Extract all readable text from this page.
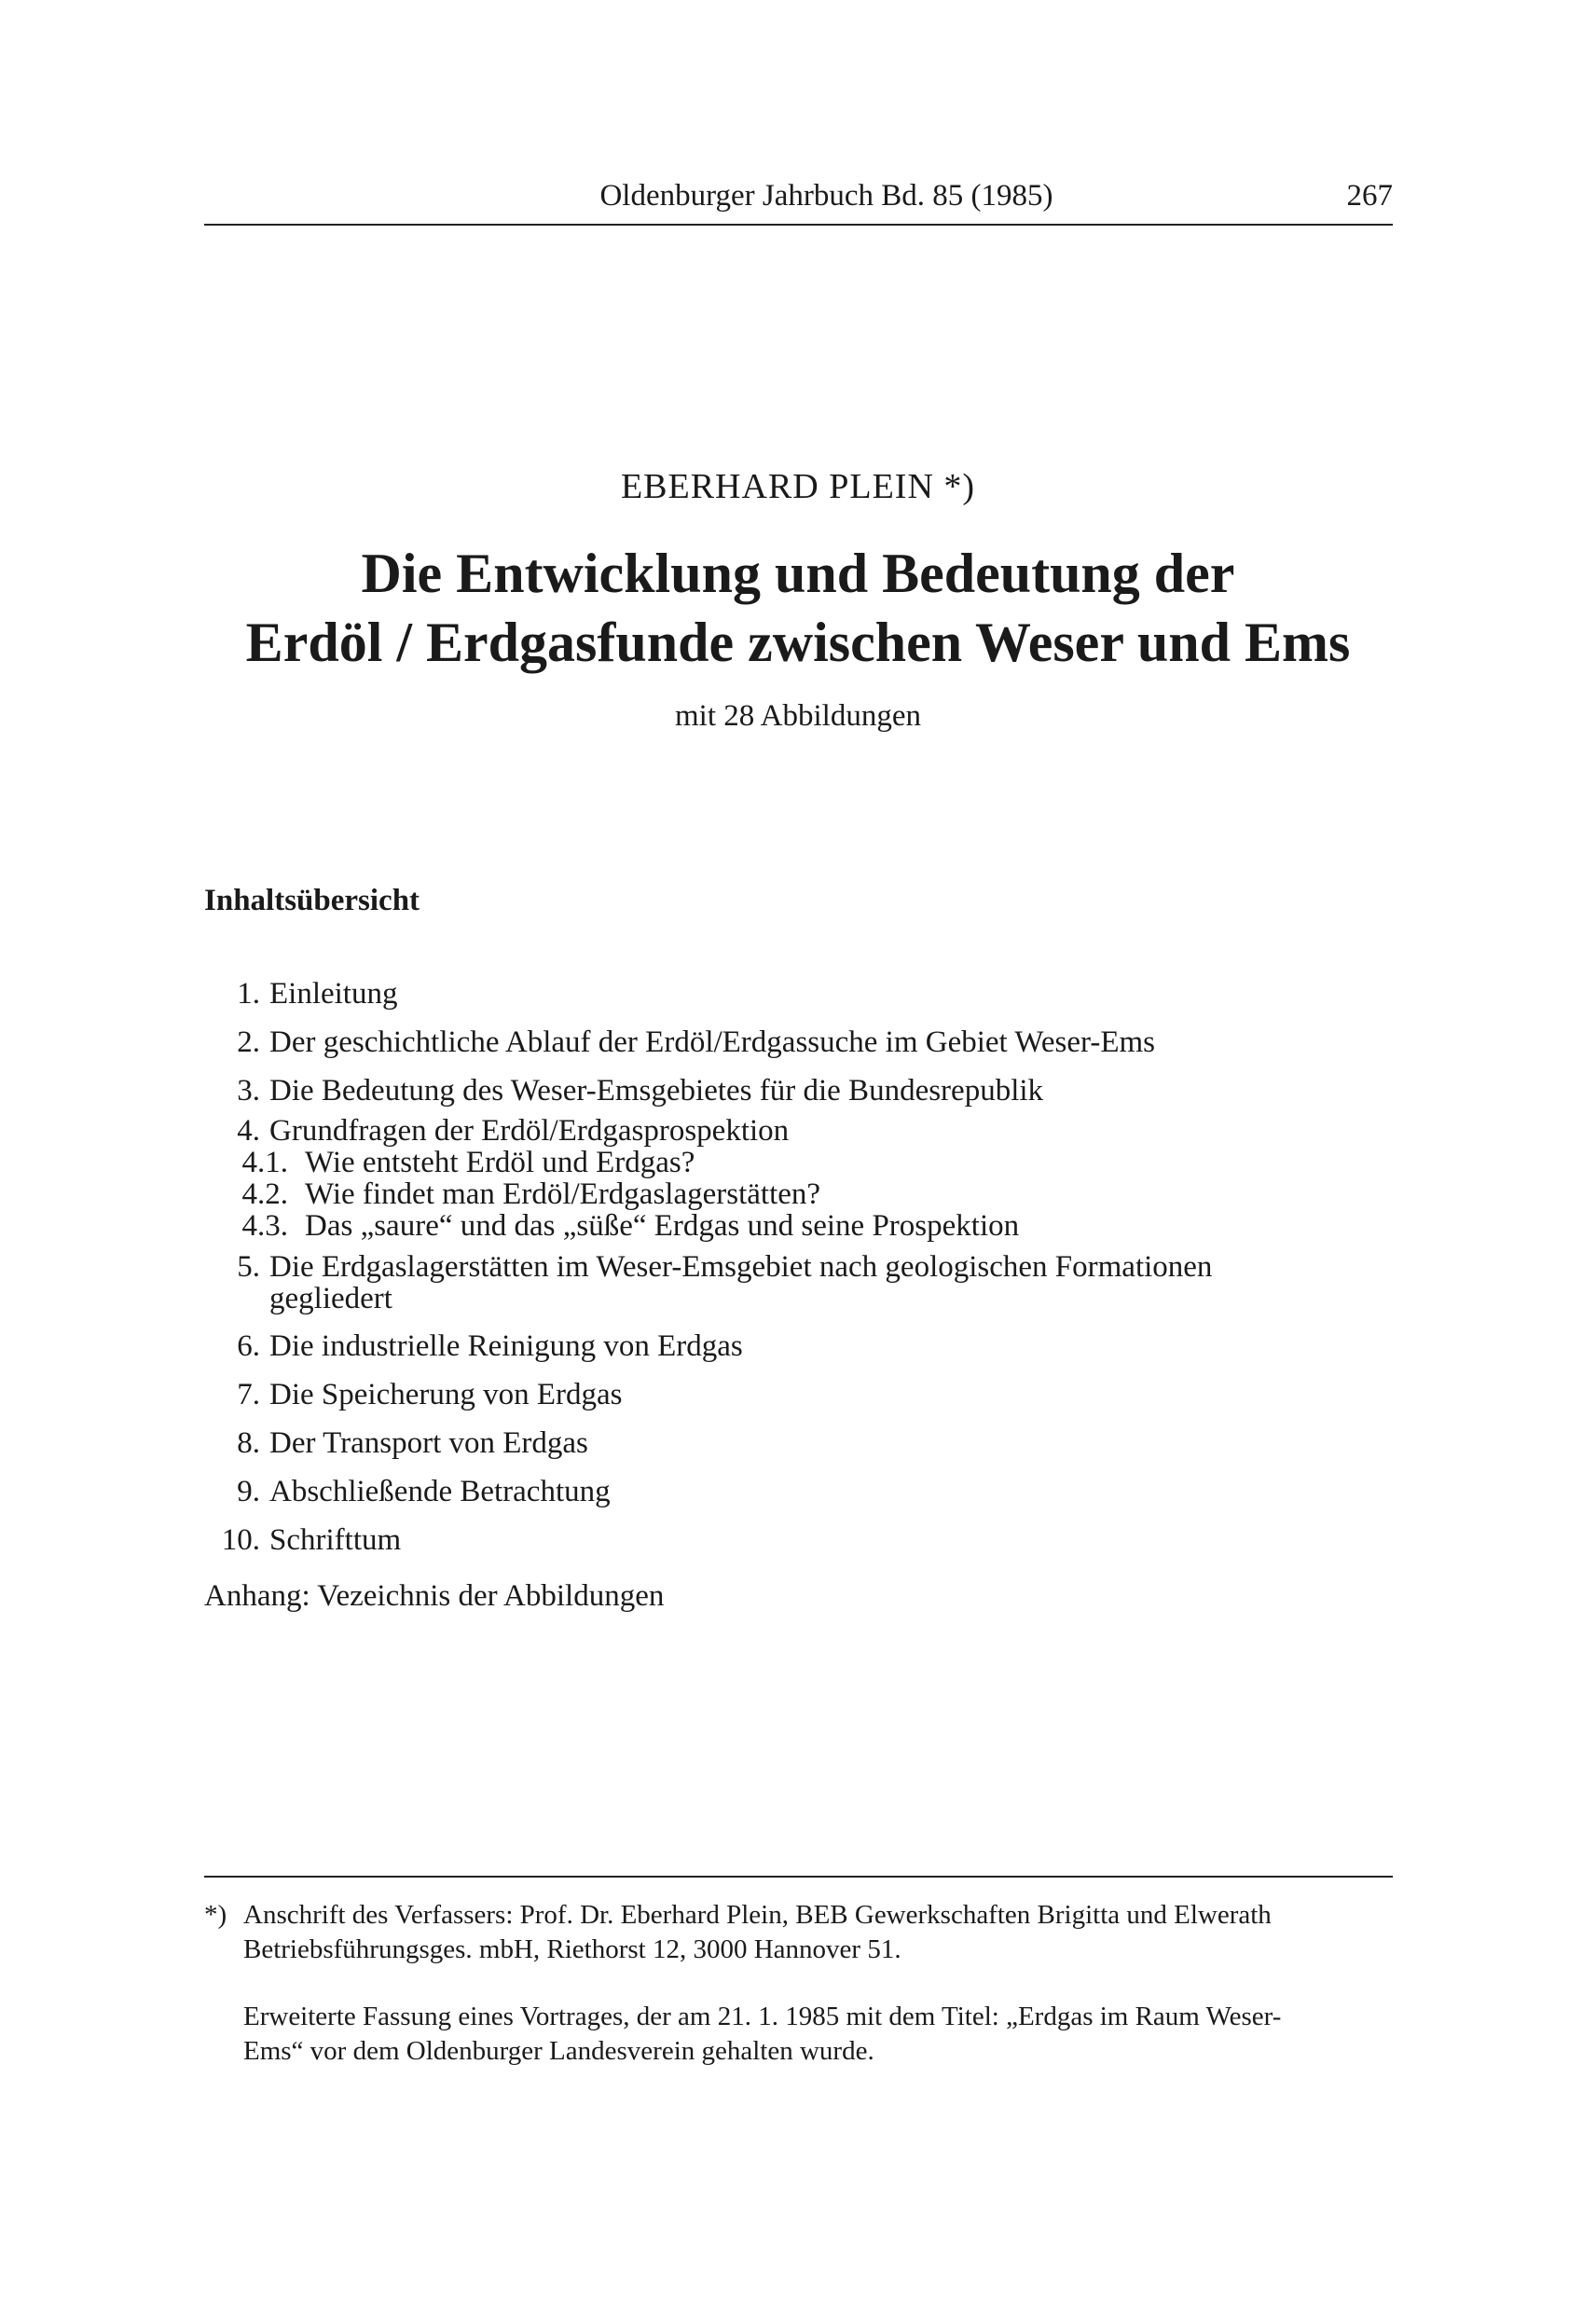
Oldenburger Jahrbuch Bd. 85 (1985)	267
EBERHARD PLEIN *)
Die Entwicklung und Bedeutung der
Erdöl / Erdgasfunde zwischen Weser und Ems
mit 28 Abbildungen
Inhaltsübersicht
1. Einleitung
2. Der geschichtliche Ablauf der Erdöl/Erdgassuche im Gebiet Weser-Ems
3. Die Bedeutung des Weser-Emsgebietes für die Bundesrepublik
4. Grundfragen der Erdöl/Erdgasprospektion
4.1. Wie entsteht Erdöl und Erdgas?
4.2. Wie findet man Erdöl/Erdgaslagerstätten?
4.3. Das „saure“ und das „süße“ Erdgas und seine Prospektion
5. Die Erdgaslagerstätten im Weser-Emsgebiet nach geologischen Formationen
gegliedert
6. Die industrielle Reinigung von Erdgas
7. Die Speicherung von Erdgas
8. Der Transport von Erdgas
9. Abschließende Betrachtung
10. Schrifttum
Anhang: Vezeichnis der Abbildungen
*) Anschrift des Verfassers: Prof. Dr. Eberhard Plein, BEB Gewerkschaften Brigitta und Elwerath
Betriebsführungsges. mbH, Riethorst 12, 3000 Hannover 51.
Erweiterte Fassung eines Vortrages, der am 21. 1. 1985 mit dem Titel: „Erdgas im Raum Weser-
Ems“ vor dem Oldenburger Landesverein gehalten wurde.
